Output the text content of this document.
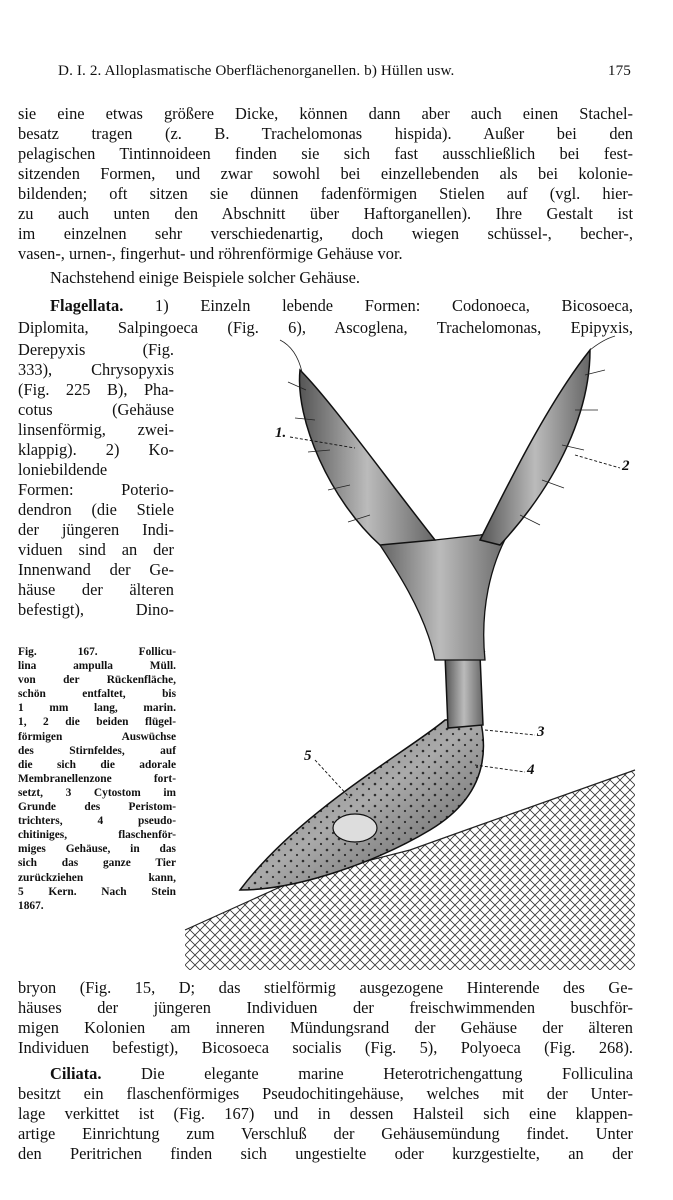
D. I. 2. Alloplasmatische Oberflächenorganellen. b) Hüllen usw.	175
sie eine etwas größere Dicke, können dann aber auch einen Stachel-
besatz tragen (z. B. Trachelomonas hispida). Außer bei den
pelagischen Tintinnoideen finden sie sich fast ausschließlich bei fest-
sitzenden Formen, und zwar sowohl bei einzellebenden als bei kolonie-
bildenden; oft sitzen sie dünnen fadenförmigen Stielen auf (vgl. hier-
zu auch unten den Abschnitt über Haftorganellen). Ihre Gestalt ist
im einzelnen sehr verschiedenartig, doch wiegen schüssel-, becher-,
vasen-, urnen-, fingerhut- und röhrenförmige Gehäuse vor.
Nachstehend einige Beispiele solcher Gehäuse.
Flagellata. 1) Einzeln lebende Formen: Codonoeca, Bicosoeca,
Diplomita, Salpingoeca (Fig. 6), Ascoglena, Trachelomonas, Epipyxis,
Derepyxis (Fig.
333), Chrysopyxis
(Fig. 225 B), Pha-
cotus (Gehäuse
linsenförmig, zwei-
klappig). 2) Ko-
loniebildende
Formen: Poterio-
dendron (die Stiele
der jüngeren Indi-
viduen sind an der
Innenwand der Ge-
häuse der älteren
befestigt), Dino-
Fig. 167. Follicu-
lina ampulla Müll.
von der Rückenfläche,
schön entfaltet, bis
1 mm lang, marin.
1, 2 die beiden flügel-
förmigen Auswüchse
des Stirnfeldes, auf
die sich die adorale
Membranellenzone fort-
setzt, 3 Cytostom im
Grunde des Peristom-
trichters, 4 pseudo-
chitiniges, flaschenför-
miges Gehäuse, in das
sich das ganze Tier
zurückziehen kann,
5 Kern. Nach Stein
1867.
1.
2
3
4
5
bryon (Fig. 15, D; das stielförmig ausgezogene Hinterende des Ge-
häuses der jüngeren Individuen der freischwimmenden buschför-
migen Kolonien am inneren Mündungsrand der Gehäuse der älteren
Individuen befestigt), Bicosoeca socialis (Fig. 5), Polyoeca (Fig. 268).
Ciliata. Die elegante marine Heterotrichengattung Folliculina
besitzt ein flaschenförmiges Pseudochitingehäuse, welches mit der Unter-
lage verkittet ist (Fig. 167) und in dessen Halsteil sich eine klappen-
artige Einrichtung zum Verschluß der Gehäusemündung findet. Unter
den Peritrichen finden sich ungestielte oder kurzgestielte, an der
